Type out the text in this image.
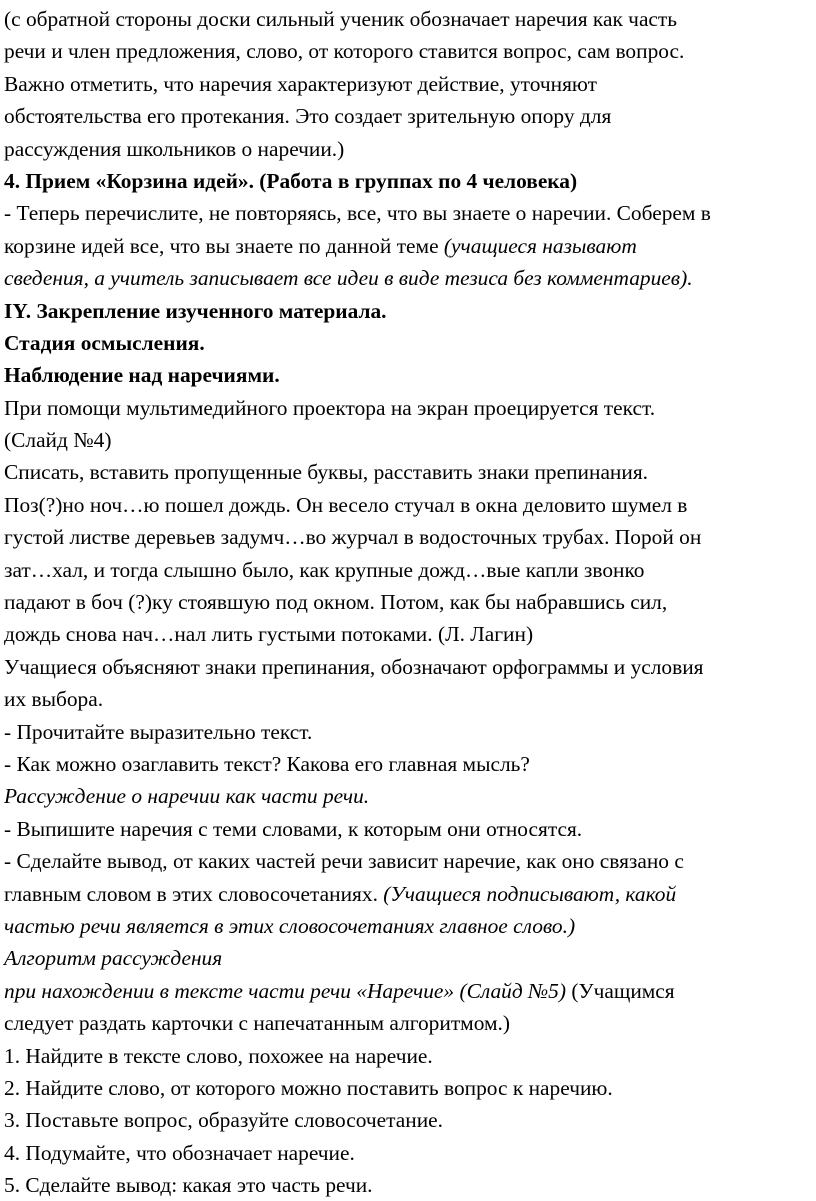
(с обратной стороны доски сильный ученик обозначает наречия как часть
речи и член предложения, слово, от которого ставится вопрос, сам вопрос.
Важно отметить, что наречия характеризуют действие, уточняют
обстоятельства его протекания. Это создает зрительную опору для
рассуждения школьников о наречии.)
4. Прием «Корзина идей». (Работа в группах по 4 человека)
- Теперь перечислите, не повторяясь, все, что вы знаете о наречии. Соберем в
корзине идей все, что вы знаете по данной теме (учащиеся называют
сведения, а учитель записывает все идеи в виде тезиса без комментариев).
IY. Закрепление изученного материала.
Стадия осмысления.
Наблюдение над наречиями.
При помощи мультимедийного проектора на экран проецируется текст.
(Слайд №4)
Списать, вставить пропущенные буквы, расставить знаки препинания.
Поз(?)но ноч…ю пошел дождь. Он весело стучал в окна деловито шумел в
густой листве деревьев задумч…во журчал в водосточных трубах. Порой он
зат…хал, и тогда слышно было, как крупные дожд…вые капли звонко
падают в боч (?)ку стоявшую под окном. Потом, как бы набравшись сил,
дождь снова нач…нал лить густыми потоками. (Л. Лагин)
Учащиеся объясняют знаки препинания, обозначают орфограммы и условия
их выбора.
- Прочитайте выразительно текст.
- Как можно озаглавить текст? Какова его главная мысль?
Рассуждение о наречии как части речи.
- Выпишите наречия с теми словами, к которым они относятся.
- Сделайте вывод, от каких частей речи зависит наречие, как оно связано с
главным словом в этих словосочетаниях. (Учащиеся подписывают, какой
частью речи является в этих словосочетаниях главное слово.)
Алгоритм рассуждения
при нахождении в тексте части речи «Наречие» (Слайд №5) (Учащимся
следует раздать карточки с напечатанным алгоритмом.)
1. Найдите в тексте слово, похожее на наречие.
2. Найдите слово, от которого можно поставить вопрос к наречию.
3. Поставьте вопрос, образуйте словосочетание.
4. Подумайте, что обозначает наречие.
5. Сделайте вывод: какая это часть речи.
